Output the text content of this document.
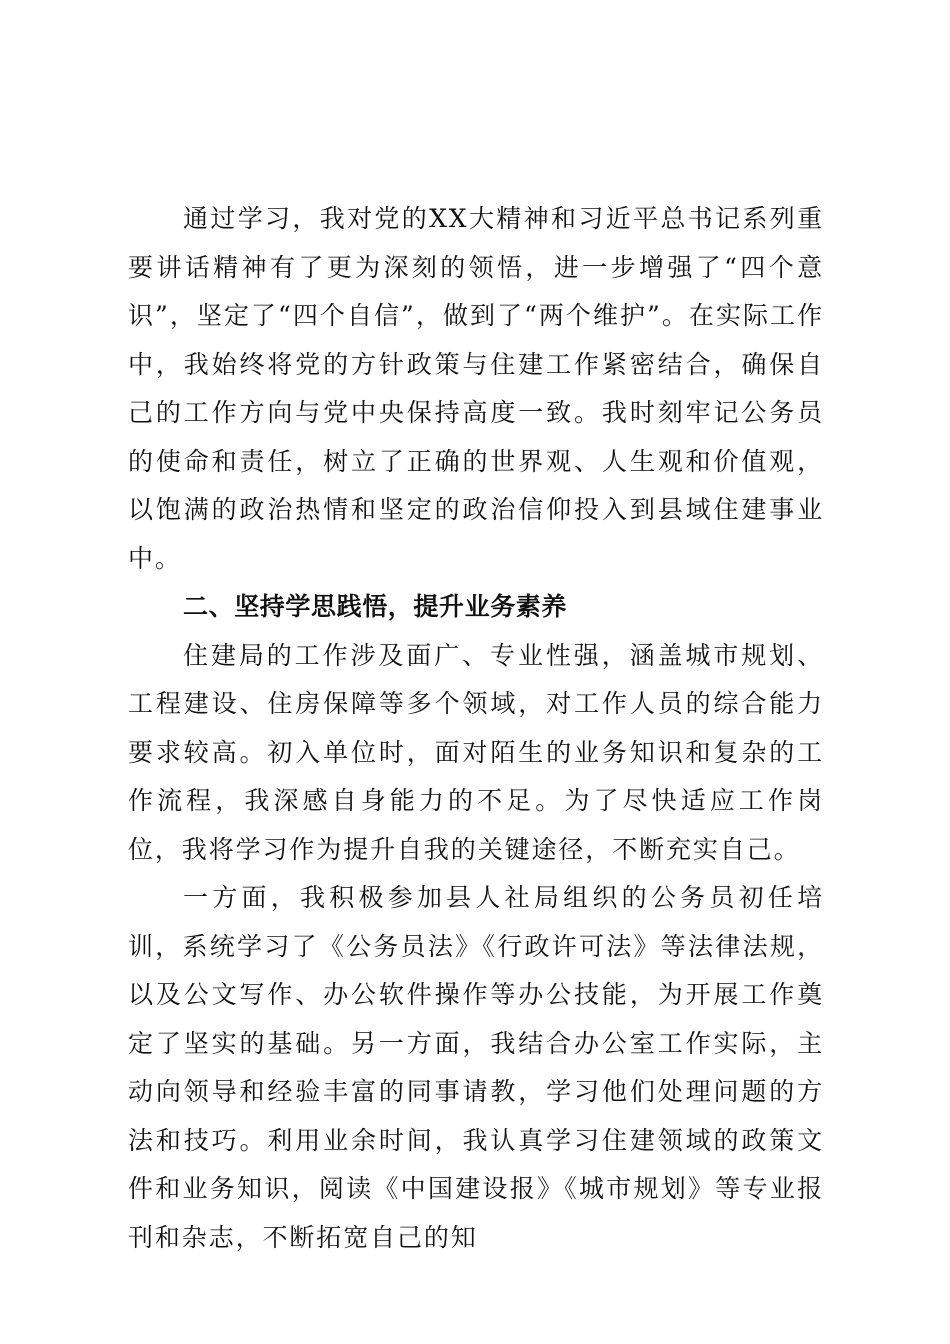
通过学习，我对党的XX大精神和习近平总书记系列重要讲话精神有了更为深刻的领悟，进一步增强了“四个意识”，坚定了“四个自信”，做到了“两个维护”。在实际工作中，我始终将党的方针政策与住建工作紧密结合，确保自己的工作方向与党中央保持高度一致。我时刻牢记公务员的使命和责任，树立了正确的世界观、人生观和价值观，以饱满的政治热情和坚定的政治信仰投入到县域住建事业中。

二、坚持学思践悟，提升业务素养

住建局的工作涉及面广、专业性强，涵盖城市规划、工程建设、住房保障等多个领域，对工作人员的综合能力要求较高。初入单位时，面对陌生的业务知识和复杂的工作流程，我深感自身能力的不足。为了尽快适应工作岗位，我将学习作为提升自我的关键途径，不断充实自己。

一方面，我积极参加县人社局组织的公务员初任培训，系统学习了《公务员法》《行政许可法》等法律法规，以及公文写作、办公软件操作等办公技能，为开展工作奠定了坚实的基础。另一方面，我结合办公室工作实际，主动向领导和经验丰富的同事请教，学习他们处理问题的方法和技巧。利用业余时间，我认真学习住建领域的政策文件和业务知识，阅读《中国建设报》《城市规划》等专业报刊和杂志，不断拓宽自己的知
